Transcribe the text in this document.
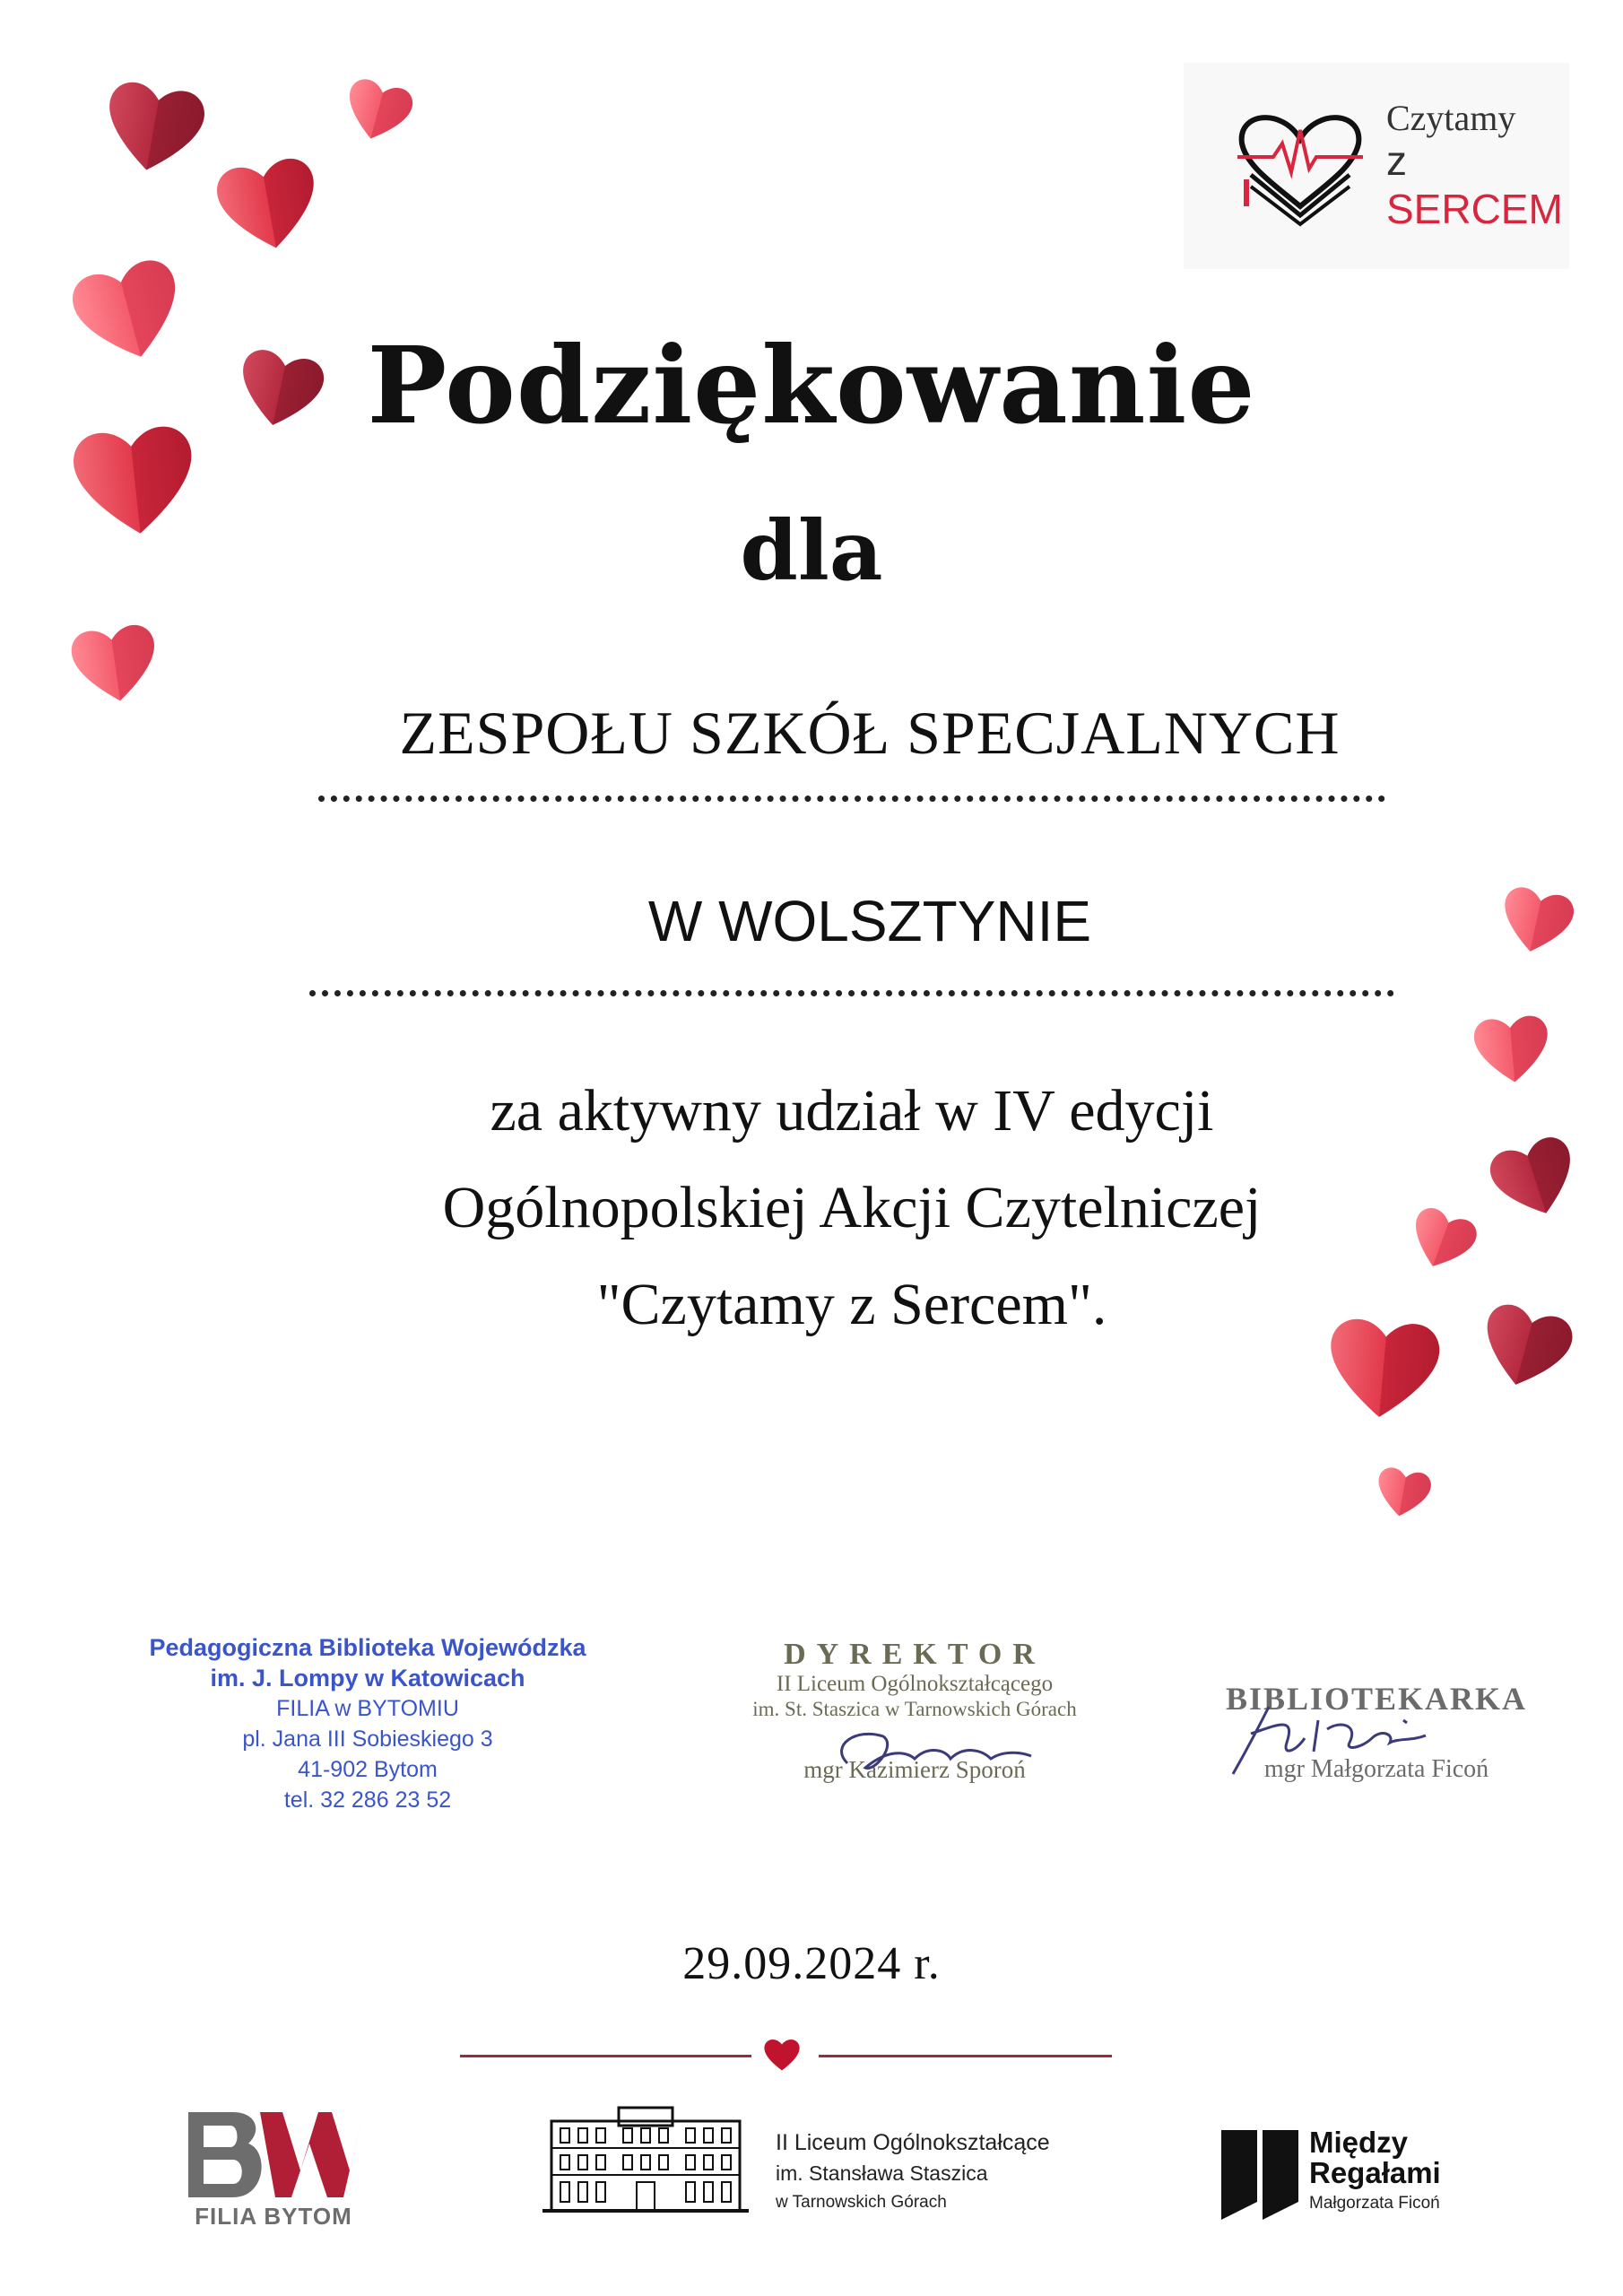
Czytamy
z SERCEM
Podziękowanie
dla
ZESPOŁU SZKÓŁ SPECJALNYCH
W WOLSZTYNIE
za aktywny udział w IV edycji
Ogólnopolskiej Akcji Czytelniczej
"Czytamy z Sercem".
Pedagogiczna Biblioteka Wojewódzka
im. J. Lompy w Katowicach
FILIA w BYTOMIU
pl. Jana III Sobieskiego 3
41-902 Bytom
tel. 32 286 23 52
DYREKTOR
II Liceum Ogólnokształcącego
im. St. Staszica w Tarnowskich Górach
mgr Kazimierz Sporoń
BIBLIOTEKARKA
mgr Małgorzata Ficoń
29.09.2024 r.
FILIA BYTOM
II Liceum Ogólnokształcące
im. Stansława Staszica
w Tarnowskich Górach
Między
Regałami
Małgorzata Ficoń
